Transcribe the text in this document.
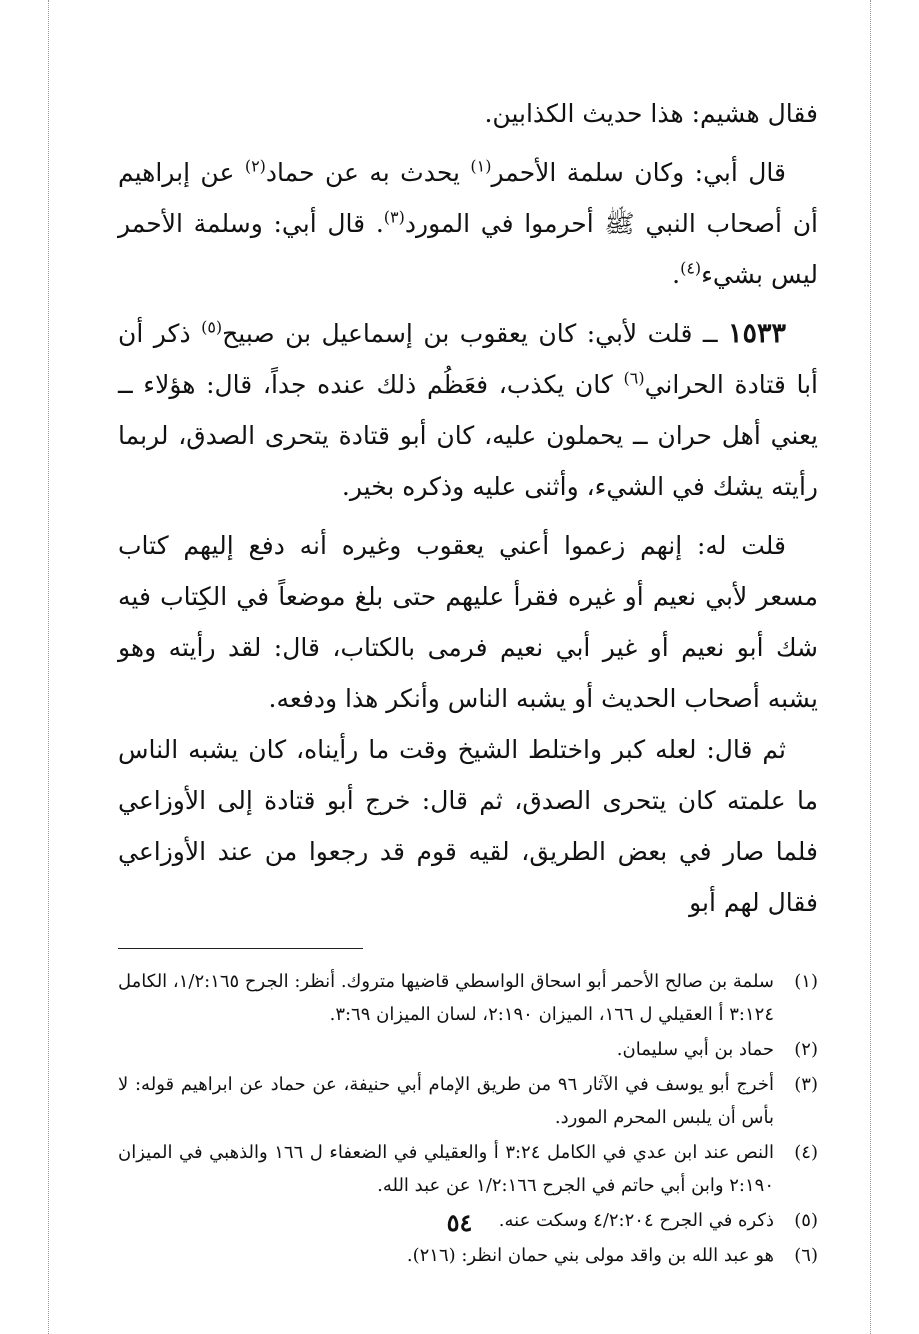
فقال هشيم: هذا حديث الكذابين.

قال أبي: وكان سلمة الأحمر$^{(١)}$ يحدث به عن حماد$^{(٢)}$ عن إبراهيم أن أصحاب النبي ﷺ أحرموا في المورد$^{(٣)}$. قال أبي: وسلمة الأحمر ليس بشيء$^{(٤)}$.

١٥٣٣ ــ قلت لأبي: كان يعقوب بن إسماعيل بن صبيح$^{(٥)}$ ذكر أن أبا قتادة الحراني$^{(٦)}$ كان يكذب، فعَظُم ذلك عنده جداً، قال: هؤلاء ــ يعني أهل حران ــ يحملون عليه، كان أبو قتادة يتحرى الصدق، لربما رأيته يشك في الشيء، وأثنى عليه وذكره بخير.

قلت له: إنهم زعموا أعني يعقوب وغيره أنه دفع إليهم كتاب مسعر لأبي نعيم أو غيره فقرأ عليهم حتى بلغ موضعاً في الكِتاب فيه شك أبو نعيم أو غير أبي نعيم فرمى بالكتاب، قال: لقد رأيته وهو يشبه أصحاب الحديث أو يشبه الناس وأنكر هذا ودفعه.

ثم قال: لعله كبر واختلط الشيخ وقت ما رأيناه، كان يشبه الناس ما علمته كان يتحرى الصدق، ثم قال: خرج أبو قتادة إلى الأوزاعي فلما صار في بعض الطريق، لقيه قوم قد رجعوا من عند الأوزاعي فقال لهم أبو

(١)
سلمة بن صالح الأحمر أبو اسحاق الواسطي قاضيها متروك. أنظر: الجرح ١/٢:١٦٥، الكامل ٣:١٢٤ أ العقيلي ل ١٦٦، الميزان ٢:١٩٠، لسان الميزان ٣:٦٩.
(٢)
حماد بن أبي سليمان.
(٣)
أخرج أبو يوسف في الآثار ٩٦ من طريق الإمام أبي حنيفة، عن حماد عن ابراهيم قوله: لا بأس أن يلبس المحرم المورد.
(٤)
النص عند ابن عدي في الكامل ٣:٢٤ أ والعقيلي في الضعفاء ل ١٦٦ والذهبي في الميزان ٢:١٩٠ وابن أبي حاتم في الجرح ١/٢:١٦٦ عن عبد الله.
(٥)
ذكره في الجرح ٤/٢:٢٠٤ وسكت عنه.
(٦)
هو عبد الله بن واقد مولى بني حمان انظر: (٢١٦).
٥٤
